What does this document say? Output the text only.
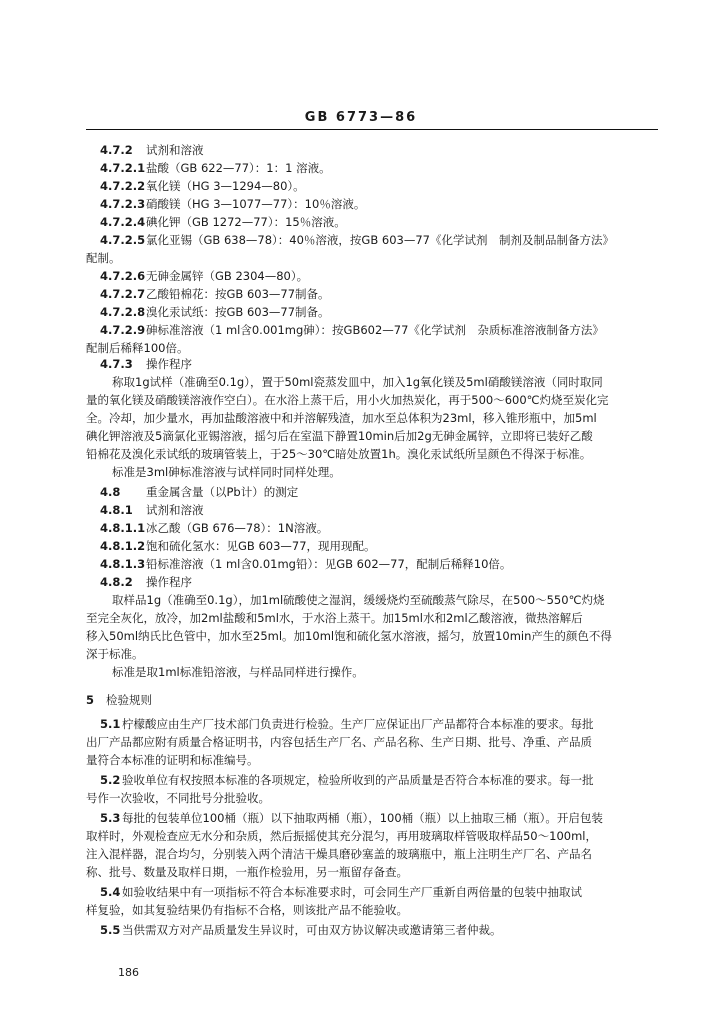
GB 6773—86
4.7.2 试剂和溶液
4.7.2.1盐酸（GB 622—77）：1：1 溶液。
4.7.2.2氧化镁（HG 3—1294—80）。
4.7.2.3硝酸镁（HG 3—1077—77）：10％溶液。
4.7.2.4碘化钾（GB 1272—77）：15％溶液。
4.7.2.5氯化亚锡（GB 638—78）：40％溶液，按GB 603—77《化学试剂　制剂及制品制备方法》
配制。
4.7.2.6无砷金属锌（GB 2304—80）。
4.7.2.7乙酸铅棉花：按GB 603—77制备。
4.7.2.8溴化汞试纸：按GB 603—77制备。
4.7.2.9砷标准溶液（1 ml含0.001mg砷）：按GB602—77《化学试剂　杂质标准溶液制备方法》
配制后稀释100倍。
4.7.3 操作程序
称取1g试样（准确至0.1g），置于50ml瓷蒸发皿中，加入1g氧化镁及5ml硝酸镁溶液（同时取同
量的氧化镁及硝酸镁溶液作空白）。在水浴上蒸干后，用小火加热炭化，再于500～600℃灼烧至炭化完
全。冷却，加少量水，再加盐酸溶液中和并溶解残渣，加水至总体积为23ml，移入锥形瓶中，加5ml
碘化钾溶液及5滴氯化亚锡溶液，摇匀后在室温下静置10min后加2g无砷金属锌，立即将已装好乙酸
铅棉花及溴化汞试纸的玻璃管装上，于25～30℃暗处放置1h。溴化汞试纸所呈颜色不得深于标准。
标准是3ml砷标准溶液与试样同时同样处理。
4.8 重金属含量（以Pb计）的测定
4.8.1 试剂和溶液
4.8.1.1冰乙酸（GB 676—78）：1N溶液。
4.8.1.2饱和硫化氢水：见GB 603—77，现用现配。
4.8.1.3铅标准溶液（1 ml含0.01mg铅）：见GB 602—77，配制后稀释10倍。
4.8.2 操作程序
取样品1g（准确至0.1g），加1ml硫酸使之湿润，缓缓烧灼至硫酸蒸气除尽，在500～550℃灼烧
至完全灰化，放冷，加2ml盐酸和5ml水，于水浴上蒸干。加15ml水和2ml乙酸溶液，微热溶解后
移入50ml纳氏比色管中，加水至25ml。加10ml饱和硫化氢水溶液，摇匀，放置10min产生的颜色不得
深于标准。
标准是取1ml标准铅溶液，与样品同样进行操作。
5 检验规则
5.1 柠檬酸应由生产厂技术部门负责进行检验。生产厂应保证出厂产品都符合本标准的要求。每批
出厂产品都应附有质量合格证明书，内容包括生产厂名、产品名称、生产日期、批号、净重、产品质
量符合本标准的证明和标准编号。
5.2 验收单位有权按照本标准的各项规定，检验所收到的产品质量是否符合本标准的要求。每一批
号作一次验收，不同批号分批验收。
5.3 每批的包装单位100桶（瓶）以下抽取两桶（瓶），100桶（瓶）以上抽取三桶（瓶）。开启包装
取样时，外观检查应无水分和杂质，然后振摇使其充分混匀，再用玻璃取样管吸取样品50～100ml，
注入混样器，混合均匀，分别装入两个清洁干燥具磨砂塞盖的玻璃瓶中，瓶上注明生产厂名、产品名
称、批号、数量及取样日期，一瓶作检验用，另一瓶留存备查。
5.4 如验收结果中有一项指标不符合本标准要求时，可会同生产厂重新自两倍量的包装中抽取试
样复验，如其复验结果仍有指标不合格，则该批产品不能验收。
5.5 当供需双方对产品质量发生异议时，可由双方协议解决或邀请第三者仲裁。
186
